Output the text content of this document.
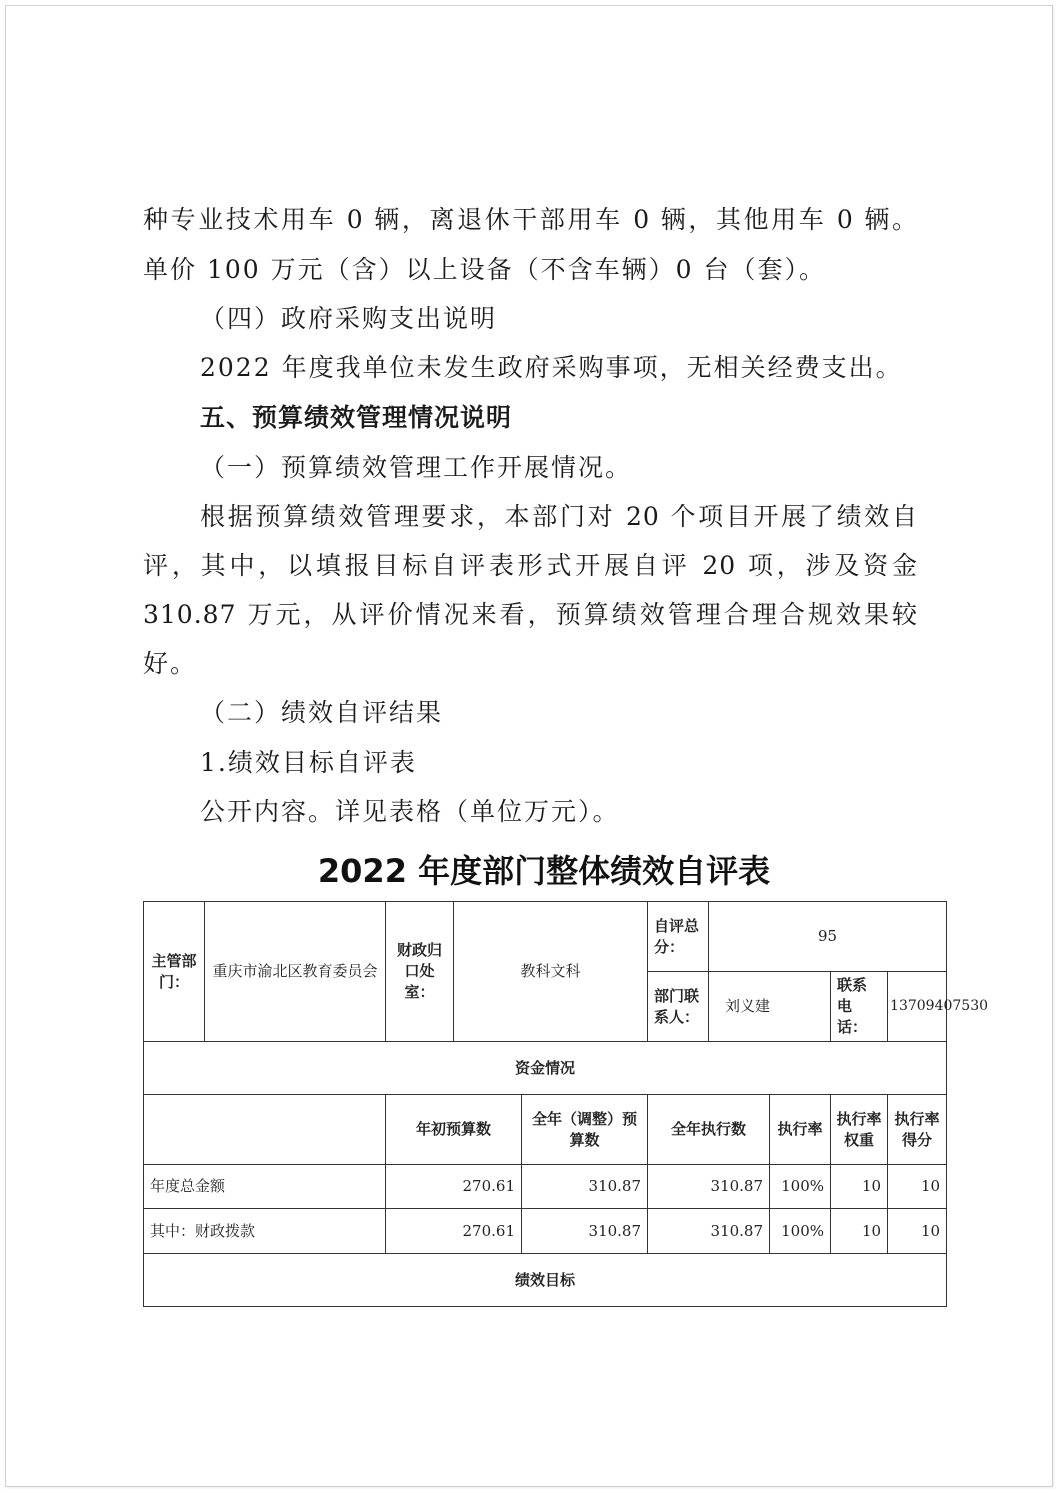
种专业技术用车 0 辆，离退休干部用车 0 辆，其他用车 0 辆。
单价 100 万元（含）以上设备（不含车辆）0 台（套）。
（四）政府采购支出说明
2022 年度我单位未发生政府采购事项，无相关经费支出。
五、预算绩效管理情况说明
（一）预算绩效管理工作开展情况。
根据预算绩效管理要求，本部门对 20 个项目开展了绩效自
评，其中，以填报目标自评表形式开展自评 20 项，涉及资金
310.87 万元，从评价情况来看，预算绩效管理合理合规效果较
好。
（二）绩效自评结果
1.绩效目标自评表
公开内容。详见表格（单位万元）。
2022 年度部门整体绩效自评表
主管部门：	重庆市渝北区教育委员会	财政归口处室：	教科文科		自评总分：	95			
					部门联系人：	刘义建		联系电话：	13709407530
资金情况									
		年初预算数		全年（调整）预算数	全年执行数		执行率	执行率权重	执行率得分
年度总金额		270.61		310.87	310.87		100%	10	10
其中：财政拨款		270.61		310.87	310.87		100%	10	10
绩效目标									
